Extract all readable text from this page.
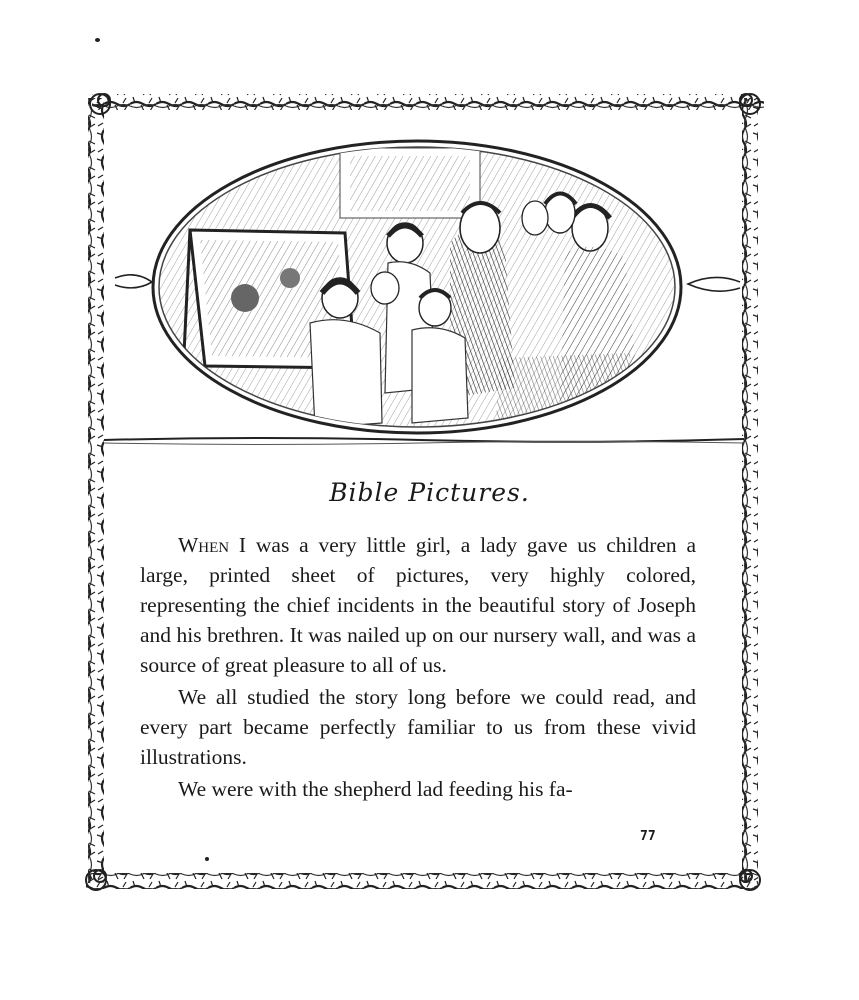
Bible Pictures.

When I was a very little girl, a lady gave us children a large, printed sheet of pictures, very highly colored, representing the chief incidents in the beautiful story of Joseph and his brethren. It was nailed up on our nursery wall, and was a source of great pleasure to all of us.

We all studied the story long before we could read, and every part became perfectly familiar to us from these vivid illustrations.

We were with the shepherd lad feeding his fa-

77
